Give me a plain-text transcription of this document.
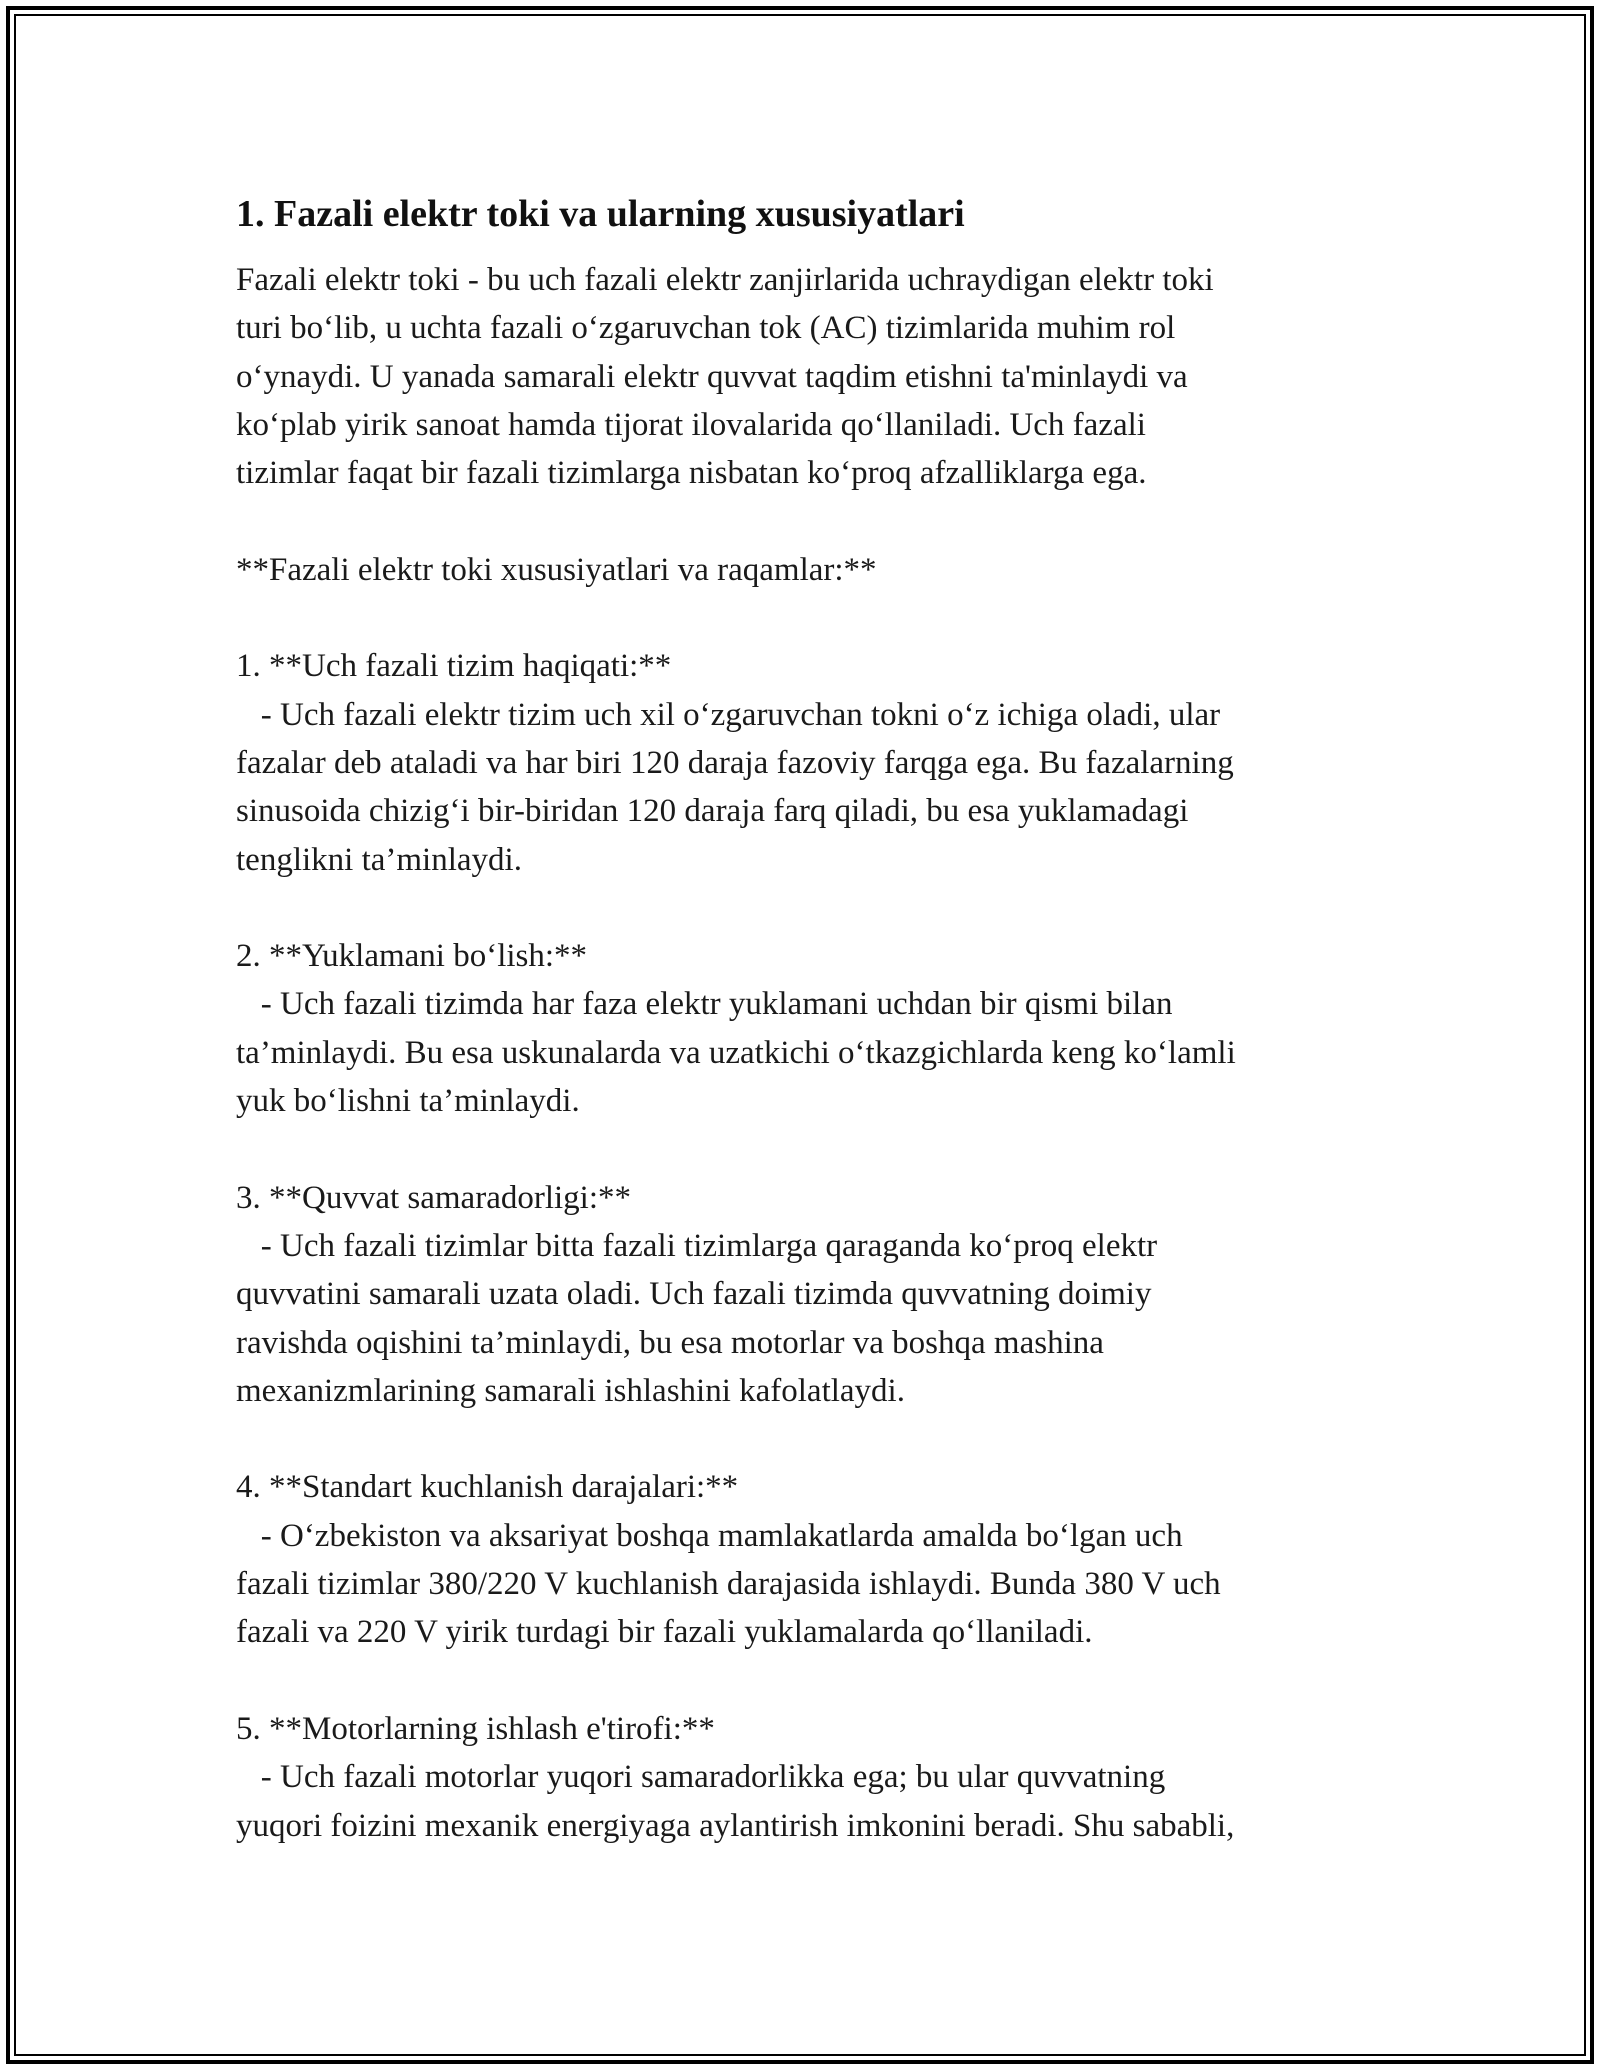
1. Fazali elektr toki va ularning xususiyatlari

Fazali elektr toki - bu uch fazali elektr zanjirlarida uchraydigan elektr toki
turi bo‘lib, u uchta fazali o‘zgaruvchan tok (AC) tizimlarida muhim rol
o‘ynaydi. U yanada samarali elektr quvvat taqdim etishni ta'minlaydi va
ko‘plab yirik sanoat hamda tijorat ilovalarida qo‘llaniladi. Uch fazali
tizimlar faqat bir fazali tizimlarga nisbatan ko‘proq afzalliklarga ega.

**Fazali elektr toki xususiyatlari va raqamlar:**

1. **Uch fazali tizim haqiqati:**

- Uch fazali elektr tizim uch xil o‘zgaruvchan tokni o‘z ichiga oladi, ular
fazalar deb ataladi va har biri 120 daraja fazoviy farqga ega. Bu fazalarning
sinusoida chizig‘i bir-biridan 120 daraja farq qiladi, bu esa yuklamadagi
tenglikni ta’minlaydi.

2. **Yuklamani bo‘lish:**

- Uch fazali tizimda har faza elektr yuklamani uchdan bir qismi bilan
ta’minlaydi. Bu esa uskunalarda va uzatkichi o‘tkazgichlarda keng ko‘lamli
yuk bo‘lishni ta’minlaydi.

3. **Quvvat samaradorligi:**

- Uch fazali tizimlar bitta fazali tizimlarga qaraganda ko‘proq elektr
quvvatini samarali uzata oladi. Uch fazali tizimda quvvatning doimiy
ravishda oqishini ta’minlaydi, bu esa motorlar va boshqa mashina
mexanizmlarining samarali ishlashini kafolatlaydi.

4. **Standart kuchlanish darajalari:**

- O‘zbekiston va aksariyat boshqa mamlakatlarda amalda bo‘lgan uch
fazali tizimlar 380/220 V kuchlanish darajasida ishlaydi. Bunda 380 V uch
fazali va 220 V yirik turdagi bir fazali yuklamalarda qo‘llaniladi.

5. **Motorlarning ishlash e'tirofi:**

- Uch fazali motorlar yuqori samaradorlikka ega; bu ular quvvatning
yuqori foizini mexanik energiyaga aylantirish imkonini beradi. Shu sababli,
